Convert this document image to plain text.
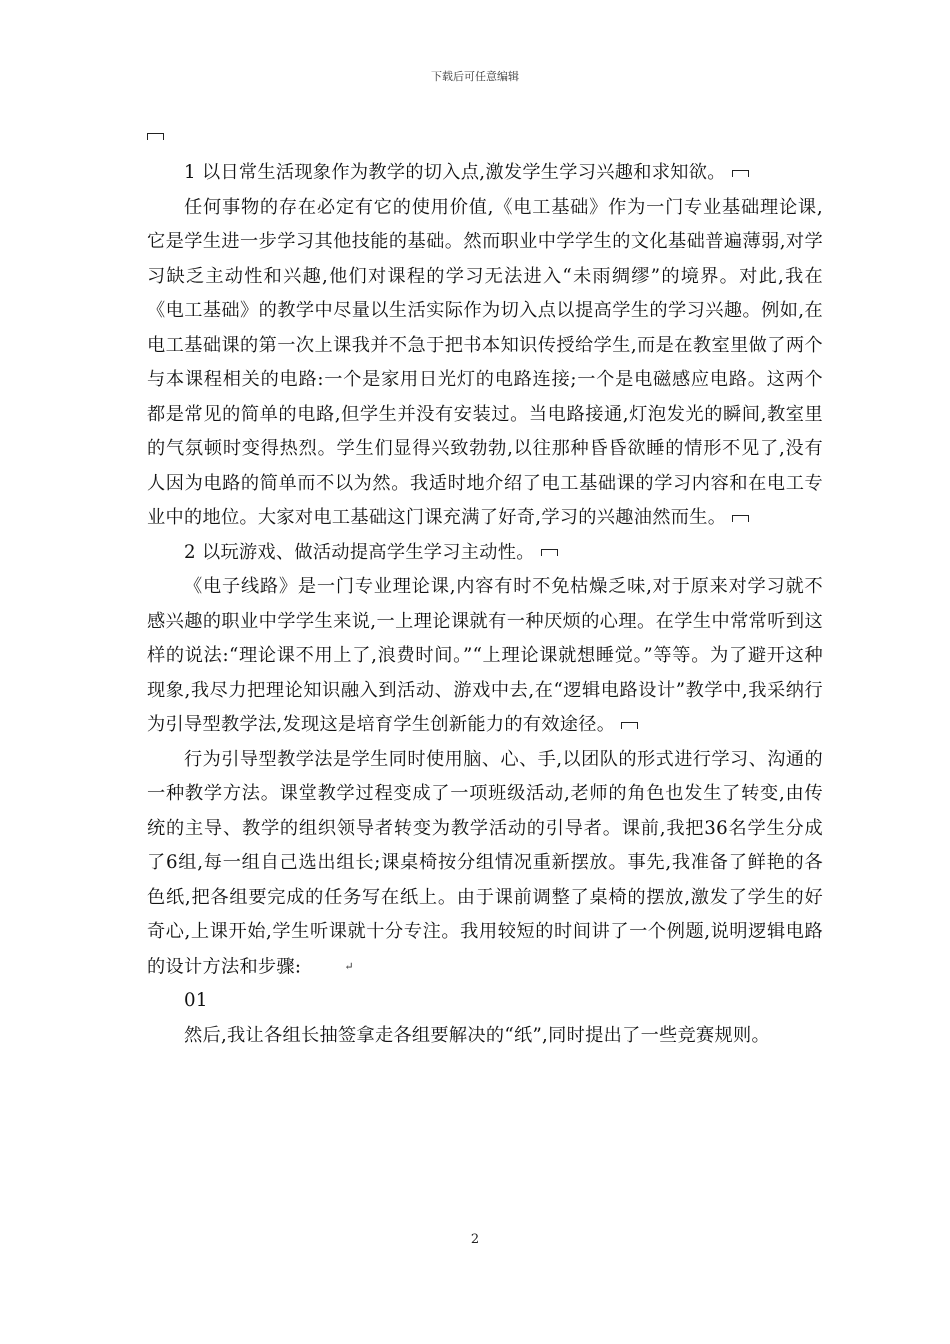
下载后可任意编辑

1 以日常生活现象作为教学的切入点,激发学生学习兴趣和求知欲。

任何事物的存在必定有它的使用价值,《电工基础》作为一门专业基础理论课,它是学生进一步学习其他技能的基础。然而职业中学学生的文化基础普遍薄弱,对学习缺乏主动性和兴趣,他们对课程的学习无法进入“未雨绸缪”的境界。对此,我在《电工基础》的教学中尽量以生活实际作为切入点以提高学生的学习兴趣。例如,在电工基础课的第一次上课我并不急于把书本知识传授给学生,而是在教室里做了两个与本课程相关的电路:一个是家用日光灯的电路连接;一个是电磁感应电路。这两个都是常见的简单的电路,但学生并没有安装过。当电路接通,灯泡发光的瞬间,教室里的气氛顿时变得热烈。学生们显得兴致勃勃,以往那种昏昏欲睡的情形不见了,没有人因为电路的简单而不以为然。我适时地介绍了电工基础课的学习内容和在电工专业中的地位。大家对电工基础这门课充满了好奇,学习的兴趣油然而生。

2 以玩游戏、做活动提高学生学习主动性。

《电子线路》是一门专业理论课,内容有时不免枯燥乏味,对于原来对学习就不感兴趣的职业中学学生来说,一上理论课就有一种厌烦的心理。在学生中常常听到这样的说法:“理论课不用上了,浪费时间。”“上理论课就想睡觉。”等等。为了避开这种现象,我尽力把理论知识融入到活动、游戏中去,在“逻辑电路设计”教学中,我采纳行为引导型教学法,发现这是培育学生创新能力的有效途径。

行为引导型教学法是学生同时使用脑、心、手,以团队的形式进行学习、沟通的一种教学方法。课堂教学过程变成了一项班级活动,老师的角色也发生了转变,由传统的主导、教学的组织领导者转变为教学活动的引导者。课前,我把36名学生分成了6组,每一组自己选出组长;课桌椅按分组情况重新摆放。事先,我准备了鲜艳的各色纸,把各组要完成的任务写在纸上。由于课前调整了桌椅的摆放,激发了学生的好奇心,上课开始,学生听课就十分专注。我用较短的时间讲了一个例题,说明逻辑电路的设计方法和步骤:	↵

01

然后,我让各组长抽签拿走各组要解决的“纸”,同时提出了一些竞赛规则。

2
